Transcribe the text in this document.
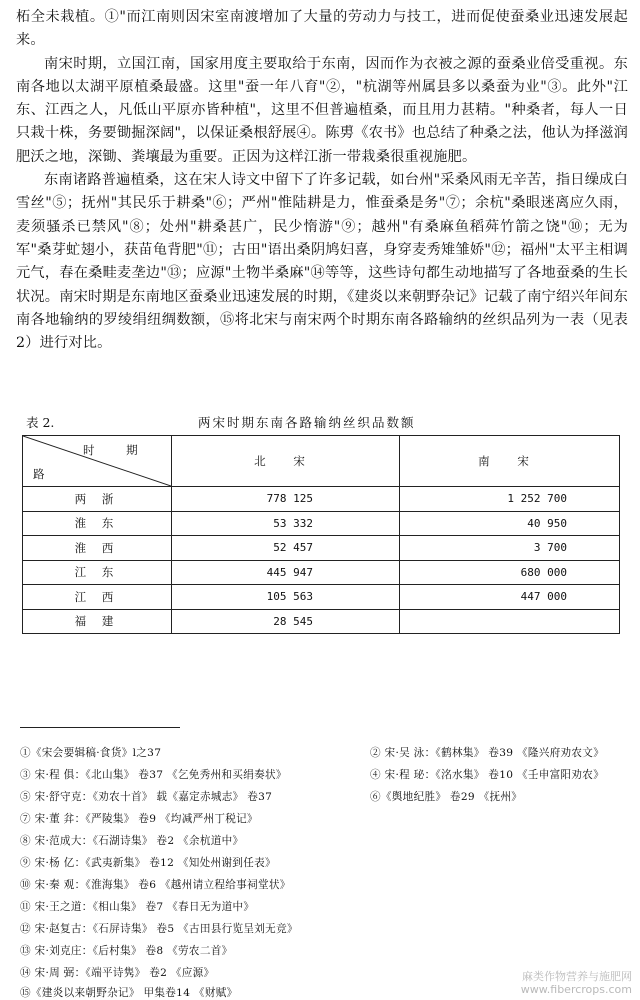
柘全未栽植。①"而江南则因宋室南渡增加了大量的劳动力与技工，进而促使蚕桑业迅速发展起来。

南宋时期，立国江南，国家用度主要取给于东南，因而作为衣被之源的蚕桑业倍受重视。东南各地以太湖平原植桑最盛。这里"蚕一年八育"②，"杭湖等州属县多以桑蚕为业"③。此外"江东、江西之人，凡低山平原亦皆种植"，这里不但普遍植桑，而且用力甚精。"种桑者，每人一日只栽十株，务要锄掘深阔"，以保证桑根舒展④。陈旉《农书》也总结了种桑之法，他认为择滋润肥沃之地，深锄、粪壤最为重要。正因为这样江浙一带栽桑很重视施肥。

东南诸路普遍植桑，这在宋人诗文中留下了许多记载，如台州"采桑风雨无辛苦，指日缲成白雪丝"⑤；抚州"其民乐于耕桑"⑥；严州"惟陆耕是力，惟蚕桑是务"⑦；余杭"桑眼迷离应久雨，麦须骚杀已禁风"⑧；处州"耕桑甚广，民少惰游"⑨；越州"有桑麻鱼稻荈竹箭之饶"⑩；无为军"桑芽虻翅小，获苗龟背肥"⑪；古田"语出桑阴鸠妇喜，身穿麦秀雉雏娇"⑫；福州"太平主相调元气，春在桑畦麦垄边"⑬；应源"土物半桑麻"⑭等等，这些诗句都生动地描写了各地蚕桑的生长状况。南宋时期是东南地区蚕桑业迅速发展的时期，《建炎以来朝野杂记》记载了南宁绍兴年间东南各地输纳的罗绫绢纽绸数额，⑮将北宋与南宋两个时期东南各路输纳的丝织品列为一表（见表 2）进行对比。

表 2.	两宋时期东南各路输纳丝织品数额
时 期
路	北 宋	南 宋
两 浙	778 125	1 252 700
淮 东	53 332	40 950
淮 西	52 457	3 700
江 东	445 947	680 000
江 西	105 563	447 000
福 建	28 545	
①《宋会要辑稿·食货》l之37
③ 宋·程 俱：《北山集》 卷37 《乞免秀州和买绢奏状》
⑤ 宋·舒守克：《劝农十首》 载《嘉定赤城志》 卷37
⑦ 宋·董 弅：《严陵集》 卷9 《均减严州丁税记》
⑧ 宋·范成大：《石湖诗集》 卷2 《余杭道中》
⑨ 宋·杨 亿：《武夷新集》 卷12 《知处州谢到任表》
⑩ 宋·秦 观：《淮海集》 卷6 《越州请立程给事祠堂状》
⑪ 宋·王之道：《相山集》 卷7 《春日无为道中》
⑫ 宋·赵复古：《石屏诗集》 卷5 《古田县行览呈刘无竞》
⑬ 宋·刘克庄：《后村集》 卷8 《劳农二首》
⑭ 宋·周 弼：《端平诗隽》 卷2 《应源》
⑮《建炎以来朝野杂记》 甲集卷14 《财赋》
② 宋·吴 泳：《鹤林集》 卷39 《隆兴府劝农文》
④ 宋·程 珌：《洺水集》 卷10 《壬申富阳劝农》
⑥《舆地纪胜》 卷29 《抚州》
麻类作物营养与施肥网
www.fibercrops.com
